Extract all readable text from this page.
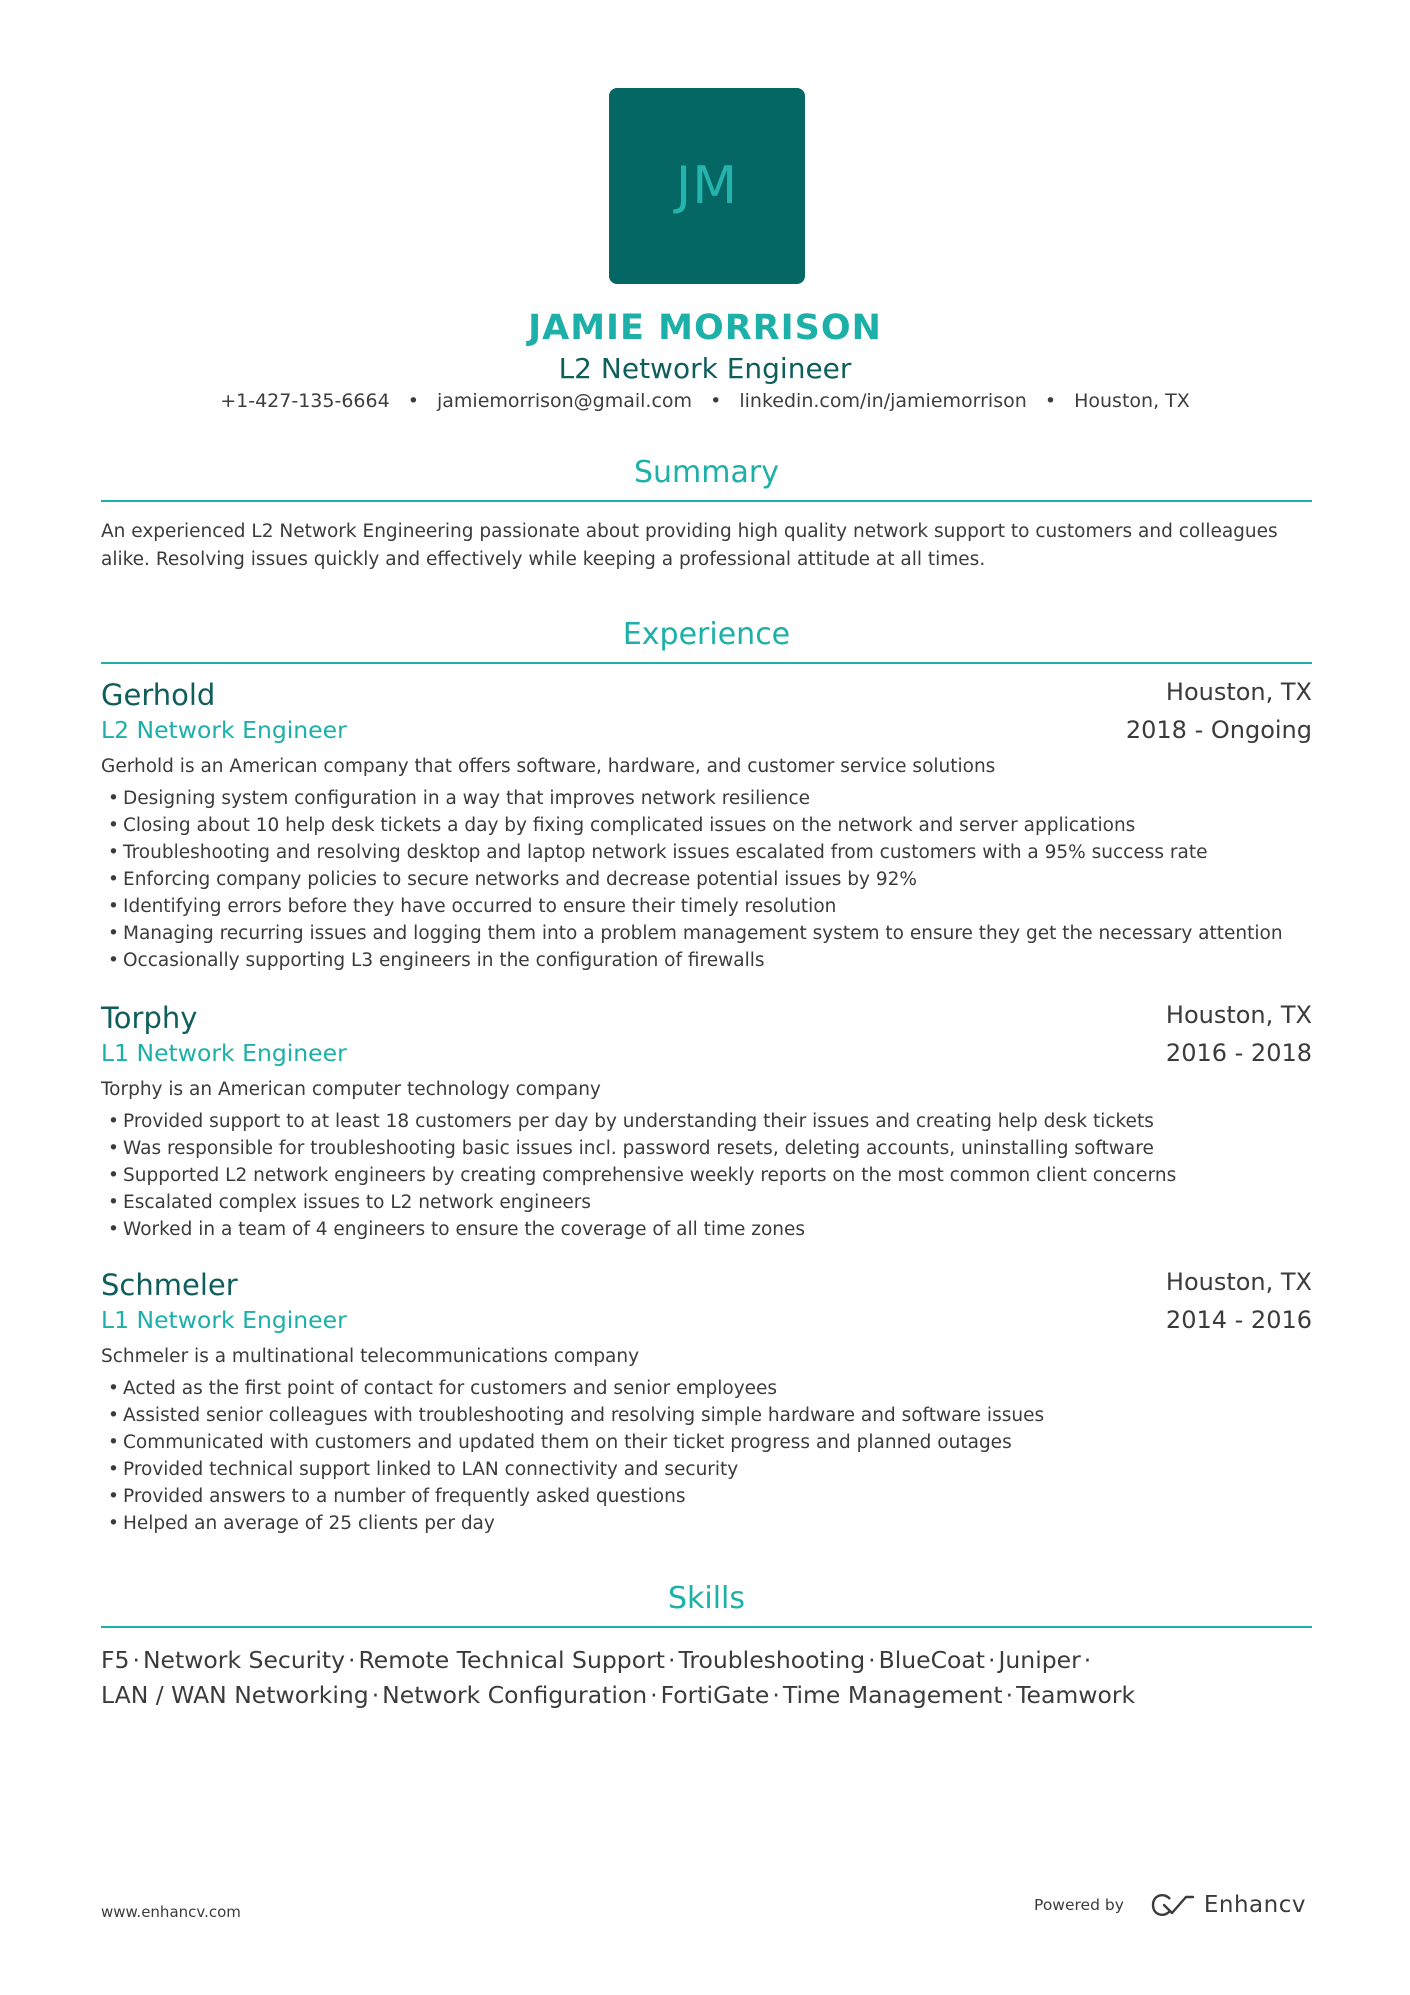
JM
JAMIE MORRISON
L2 Network Engineer
+1-427-135-6664 • jamiemorrison@gmail.com • linkedin.com/in/jamiemorrison • Houston, TX
Summary
An experienced L2 Network Engineering passionate about providing high quality network support to customers and colleagues alike. Resolving issues quickly and effectively while keeping a professional attitude at all times.
Experience
Gerhold	Houston, TX
L2 Network Engineer	2018 - Ongoing
Gerhold is an American company that offers software, hardware, and customer service solutions
• Designing system configuration in a way that improves network resilience
• Closing about 10 help desk tickets a day by fixing complicated issues on the network and server applications
• Troubleshooting and resolving desktop and laptop network issues escalated from customers with a 95% success rate
• Enforcing company policies to secure networks and decrease potential issues by 92%
• Identifying errors before they have occurred to ensure their timely resolution
• Managing recurring issues and logging them into a problem management system to ensure they get the necessary attention
• Occasionally supporting L3 engineers in the configuration of firewalls
Torphy	Houston, TX
L1 Network Engineer	2016 - 2018
Torphy is an American computer technology company
• Provided support to at least 18 customers per day by understanding their issues and creating help desk tickets
• Was responsible for troubleshooting basic issues incl. password resets, deleting accounts, uninstalling software
• Supported L2 network engineers by creating comprehensive weekly reports on the most common client concerns
• Escalated complex issues to L2 network engineers
• Worked in a team of 4 engineers to ensure the coverage of all time zones
Schmeler	Houston, TX
L1 Network Engineer	2014 - 2016
Schmeler is a multinational telecommunications company
• Acted as the first point of contact for customers and senior employees
• Assisted senior colleagues with troubleshooting and resolving simple hardware and software issues
• Communicated with customers and updated them on their ticket progress and planned outages
• Provided technical support linked to LAN connectivity and security
• Provided answers to a number of frequently asked questions
• Helped an average of 25 clients per day
Skills
F5 · Network Security · Remote Technical Support · Troubleshooting · BlueCoat · Juniper ·
LAN / WAN Networking · Network Configuration · FortiGate · Time Management · Teamwork
www.enhancv.com	Powered by	Enhancv
